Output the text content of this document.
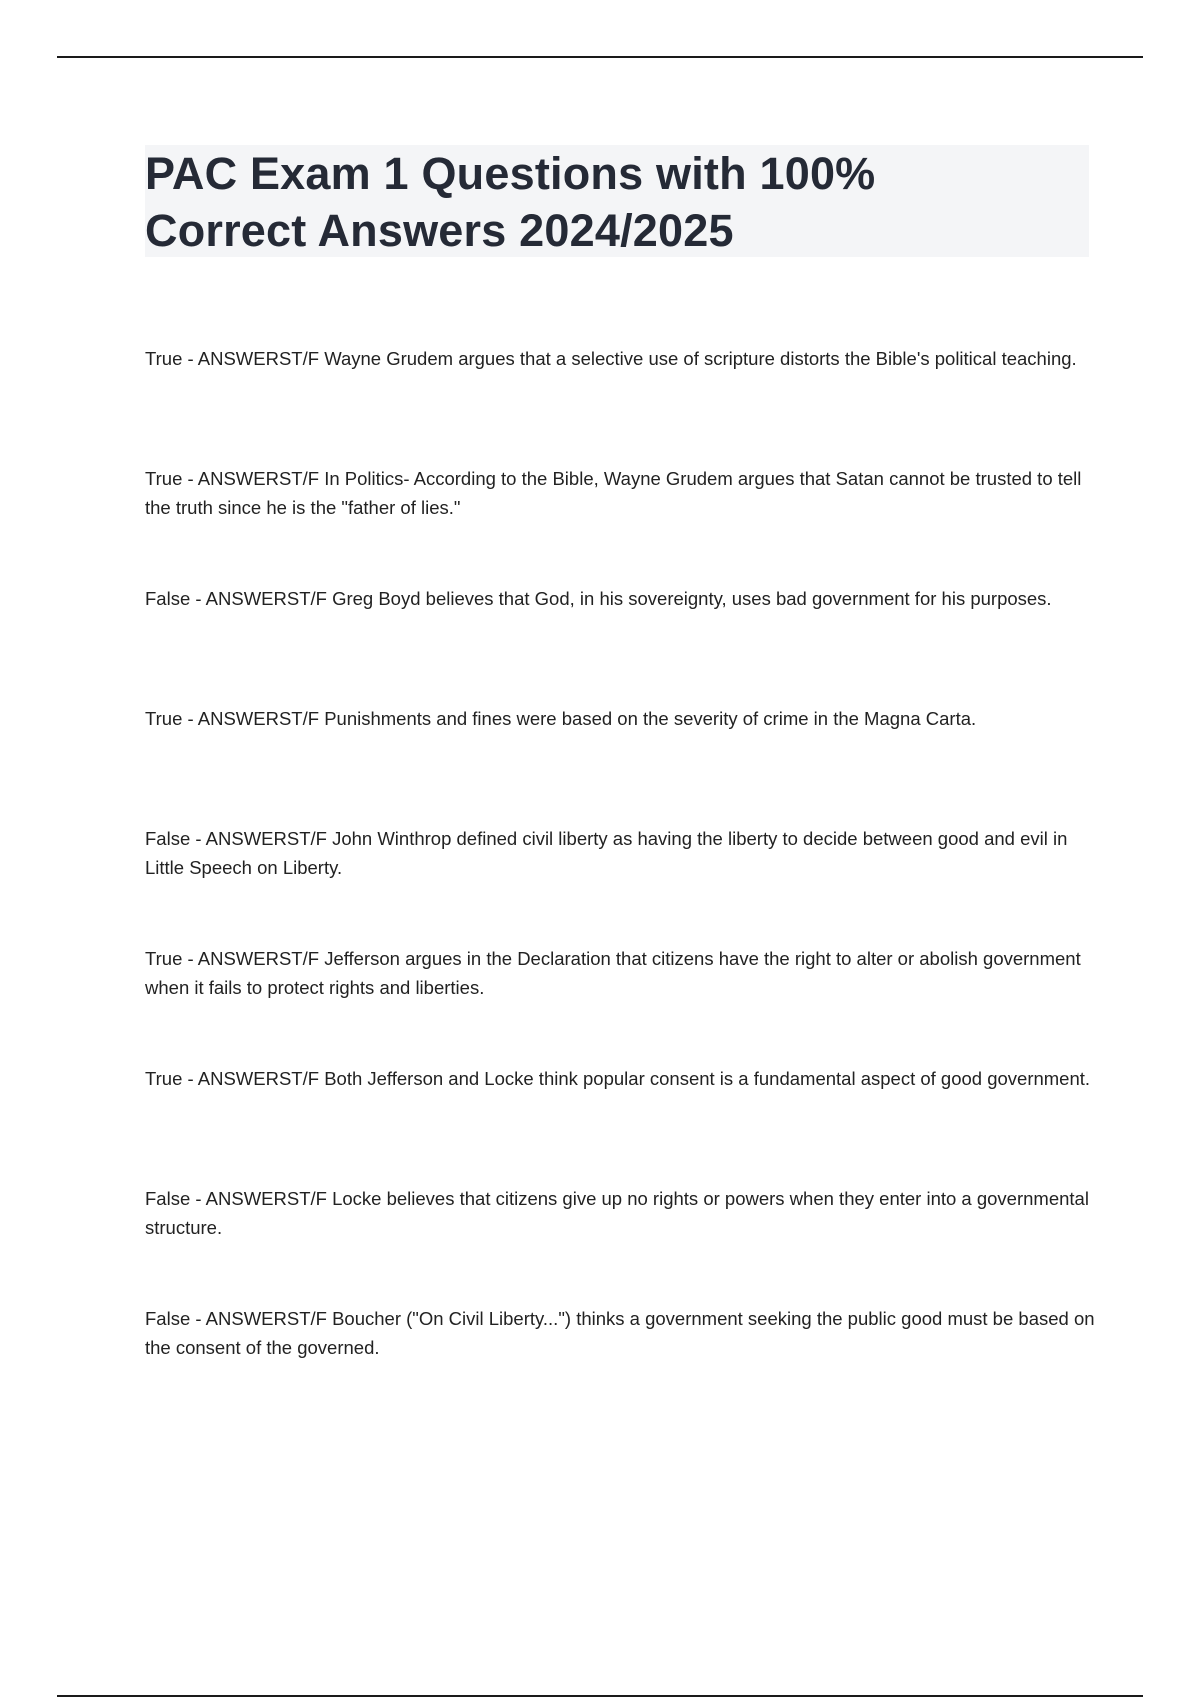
PAC Exam 1 Questions with 100%
Correct Answers 2024/2025
True - ANSWERST/F Wayne Grudem argues that a selective use of scripture distorts the Bible's political teaching.
True - ANSWERST/F In Politics- According to the Bible, Wayne Grudem argues that Satan cannot be trusted to tell the truth since he is the "father of lies."
False - ANSWERST/F Greg Boyd believes that God, in his sovereignty, uses bad government for his purposes.
True - ANSWERST/F Punishments and fines were based on the severity of crime in the Magna Carta.
False - ANSWERST/F John Winthrop defined civil liberty as having the liberty to decide between good and evil in Little Speech on Liberty.
True - ANSWERST/F Jefferson argues in the Declaration that citizens have the right to alter or abolish government when it fails to protect rights and liberties.
True - ANSWERST/F Both Jefferson and Locke think popular consent is a fundamental aspect of good government.
False - ANSWERST/F Locke believes that citizens give up no rights or powers when they enter into a governmental structure.
False - ANSWERST/F Boucher ("On Civil Liberty...") thinks a government seeking the public good must be based on the consent of the governed.
